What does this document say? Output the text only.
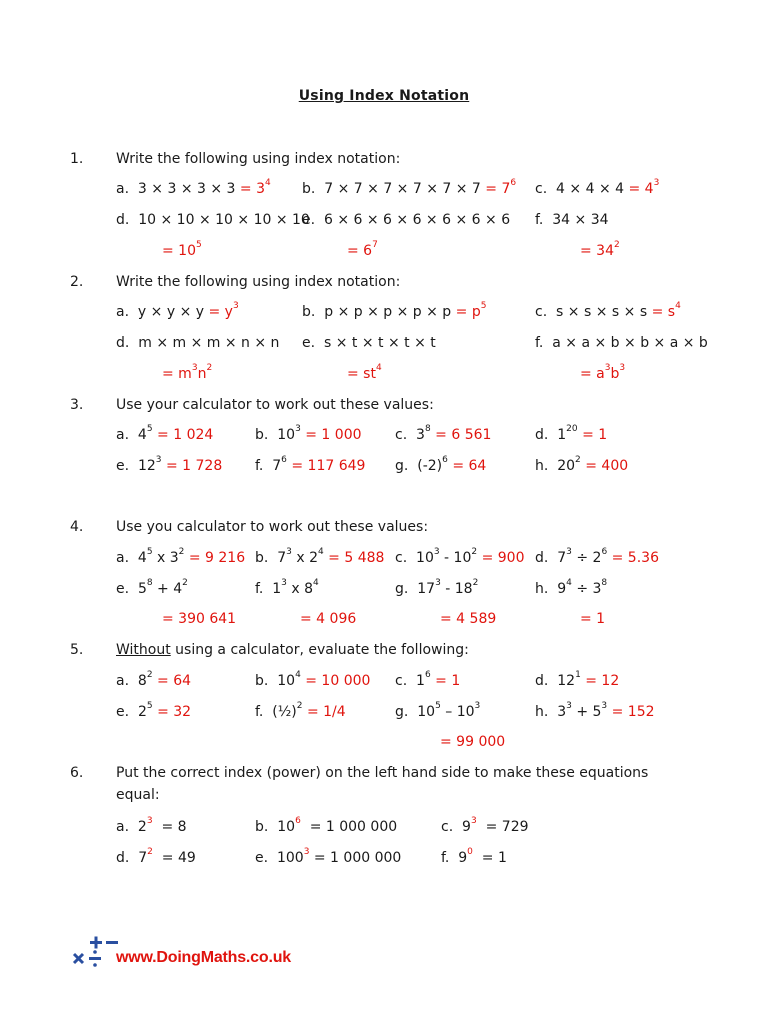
Using Index Notation
1. Write the following using index notation:
a.  $3 \times 3 \times 3 \times 3 = 3^4$ b.  $7 \times 7 \times 7 \times 7 \times 7 \times 7 = 7^6$ c.  $4 \times 4 \times 4 = 4^3$
d.  10 × 10 × 10 × 10 × 10
e.  6 × 6 × 6 × 6 × 6 × 6 × 6 f.  34 × 34
= $10^5$	= $6^7$	= $34^2$
2. Write the following using index notation:
a.  $y \times y \times y = y^3$	b.  $p \times p \times p \times p \times p = p^5$	c.  $s \times s \times s \times s = s^4$
d.  m × m × m × n × n e.  s × t × t × t × t	f.  a × a × b × b × a × b
= $m^3n^2$	= $st^4$	= $a^3b^3$
3. Use your calculator to work out these values:
a.  $4^5 = 1$ 024	b.  $10^3 = 1$ 000 c.  $3^8 = 6$ 561	d.  $1^{20} = 1$
e.  $12^3 = 1$ 728 f.  $7^6 = 117$ 649 g.  $(-2)^6 = 64$	h.  $20^2 = 400$
4. Use you calculator to work out these values:
a.  $4^5$ x $3^2 = 9$ 216 b.  $7^3$ x $2^4 = 5$ 488 c.  $10^3 - 10^2 = 900$ d.  $7^3 \div 2^6 = 5.36$
e.  $5^8 + 4^2$	f.  $1^3$ x $8^4$	g.  $17^3 - 18^2$	h.  $9^4 \div 3^8$
= 390 641	= 4 096	= 4 589	= 1
5. Without using a calculator, evaluate the following:
a.  $8^2 = 64$	b.  $10^4 = 10$ 000 c.  $1^6 = 1$	d.  $12^1 = 12$
e.  $2^5 = 32$	f.  (½)$^2$ = 1/4	g.  $10^5 - 10^3$	h.  $3^3 + 5^3 = 152$
= 99 000
6. Put the correct index (power) on the left hand side to make these equations equal:
a.  $2^3 = 8$	b.  $10^6 = 1$ 000 000	c.  $9^3 = 729$
d.  $7^2 = 49$	e.  $100^3 = 1$ 000 000	f.  $9^0 = 1$
www.DoingMaths.co.uk
